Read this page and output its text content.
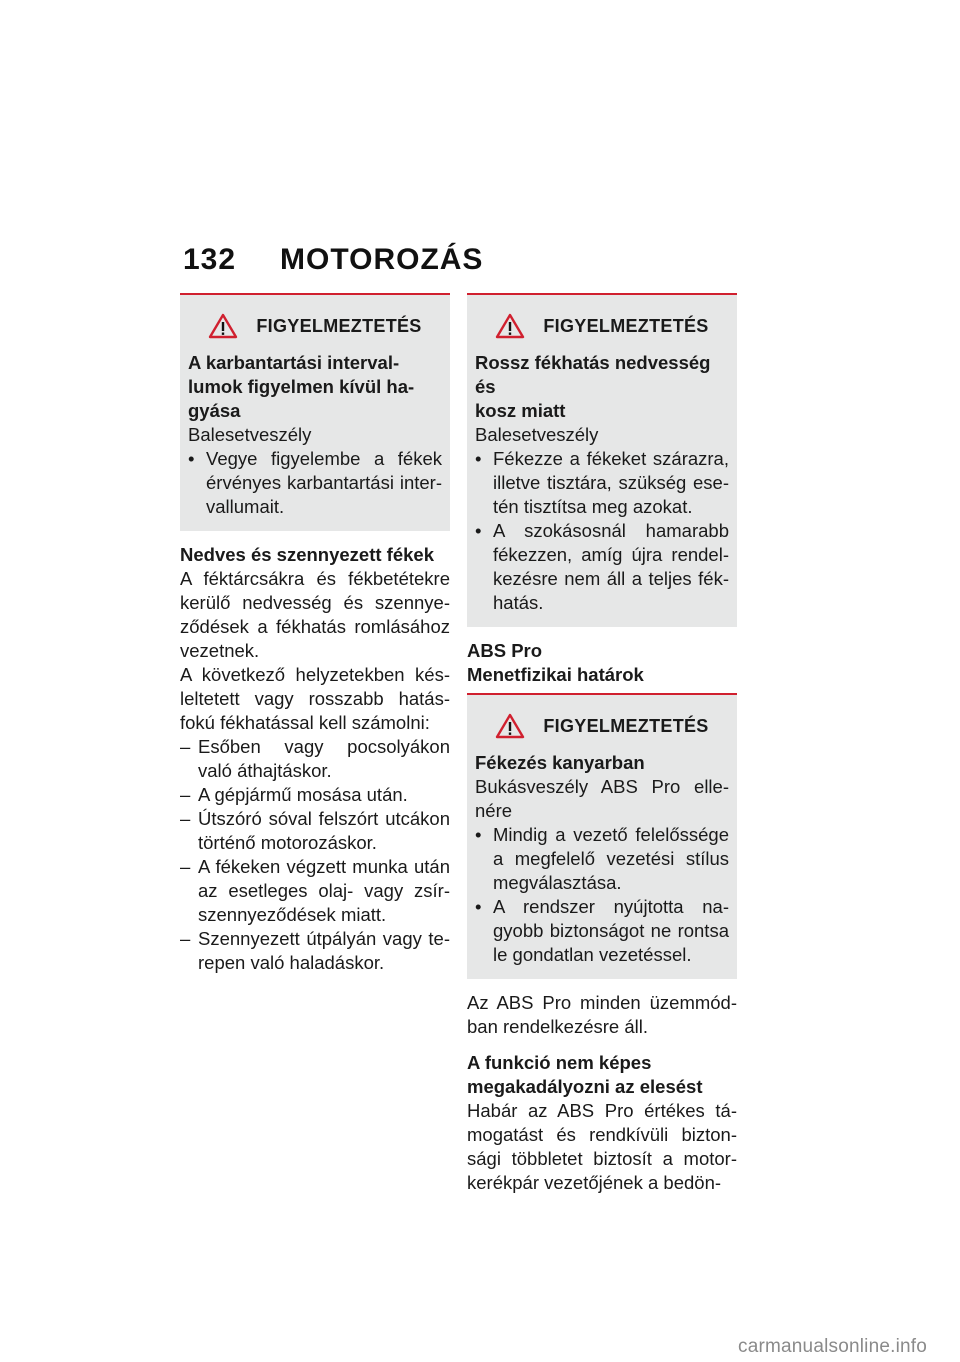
132 MOTOROZÁS
FIGYELMEZTETÉS
A karbantartási interval-
lumok figyelmen kívül ha-
gyása
Balesetveszély
• Vegye figyelembe a fékek érvényes karbantartási inter-vallumait.
Nedves és szennyezett fékek
A féktárcsákra és fékbetétekre kerülő nedvesség és szennye-ződések a fékhatás romlásához vezetnek.
A következő helyzetekben kés-leltetett vagy rosszabb hatás-fokú fékhatással kell számolni:
– Esőben vagy pocsolyákon való áthajtáskor.
– A gépjármű mosása után.
– Útszóró sóval felszórt utcákon történő motorozáskor.
– A fékeken végzett munka után az esetleges olaj- vagy zsír-szennyeződések miatt.
– Szennyezett útpályán vagy te-repen való haladáskor.
FIGYELMEZTETÉS
Rossz fékhatás nedvesség és
kosz miatt
Balesetveszély
• Fékezze a fékeket szárazra, illetve tisztára, szükség ese-tén tisztítsa meg azokat.
• A szokásosnál hamarabb fékezzen, amíg újra rendel-kezésre nem áll a teljes fék-hatás.
ABS Pro
Menetfizikai határok
FIGYELMEZTETÉS
Fékezés kanyarban
Bukásveszély ABS Pro elle-nére
• Mindig a vezető felelőssége a megfelelő vezetési stílus megválasztása.
• A rendszer nyújtotta na-gyobb biztonságot ne rontsa le gondatlan vezetéssel.
Az ABS Pro minden üzemmód-ban rendelkezésre áll.
A funkció nem képes
megakadályozni az elesést
Habár az ABS Pro értékes tá-mogatást és rendkívüli bizton-sági többletet biztosít a motor-kerékpár vezetőjének a bedön-
carmanualsonline.info
